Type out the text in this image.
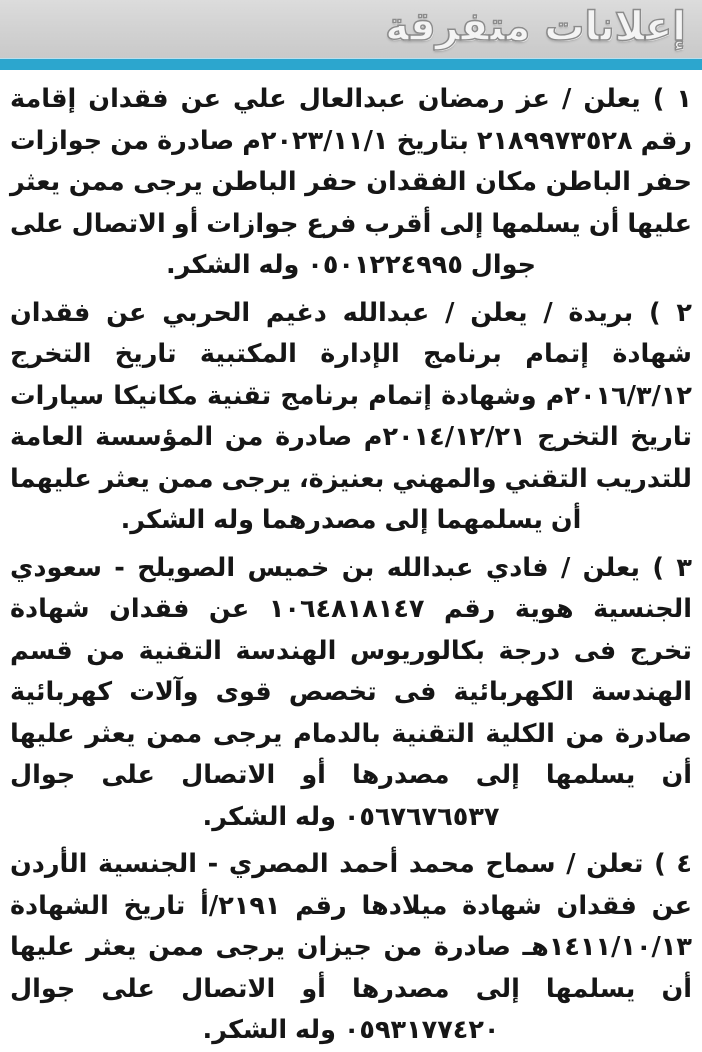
إعلانات متفرقة

١ ) يعلن / عز رمضان عبدالعال علي عن فقدان إقامة رقم ٢١٨٩٩٧٣٥٢٨ بتاريخ ٢٠٢٣/١١/١م صادرة من جوازات حفر الباطن مكان الفقدان حفر الباطن يرجى ممن يعثر عليها أن يسلمها إلى أقرب فرع جوازات أو الاتصال على جوال ٠٥٠١٢٢٤٩٩٥ وله الشكر.

٢ ) بريدة / يعلن / عبدالله دغيم الحربي عن فقدان شهادة إتمام برنامج الإدارة المكتبية تاريخ التخرج ٢٠١٦/٣/١٢م وشهادة إتمام برنامج تقنية مكانيكا سيارات تاريخ التخرج ٢٠١٤/١٢/٢١م صادرة من المؤسسة العامة للتدريب التقني والمهني بعنيزة، يرجى ممن يعثر عليهما أن يسلمهما إلى مصدرهما وله الشكر.

٣ ) يعلن / فادي عبدالله بن خميس الصويلح - سعودي الجنسية هوية رقم ١٠٦٤٨١٨١٤٧ عن فقدان شهادة تخرج فى درجة بكالوريوس الهندسة التقنية من قسم الهندسة الكهربائية فى تخصص قوى وآلات كهربائية صادرة من الكلية التقنية بالدمام يرجى ممن يعثر عليها أن يسلمها إلى مصدرها أو الاتصال على جوال ٠٥٦٧٦٧٦٥٣٧ وله الشكر.

٤ ) تعلن / سماح محمد أحمد المصري - الجنسية الأردن عن فقدان شهادة ميلادها رقم ٢١٩١/أ تاريخ الشهادة ١٤١١/١٠/١٣هـ صادرة من جيزان يرجى ممن يعثر عليها أن يسلمها إلى مصدرها أو الاتصال على جوال ٠٥٩٣١٧٧٤٢٠ وله الشكر.
